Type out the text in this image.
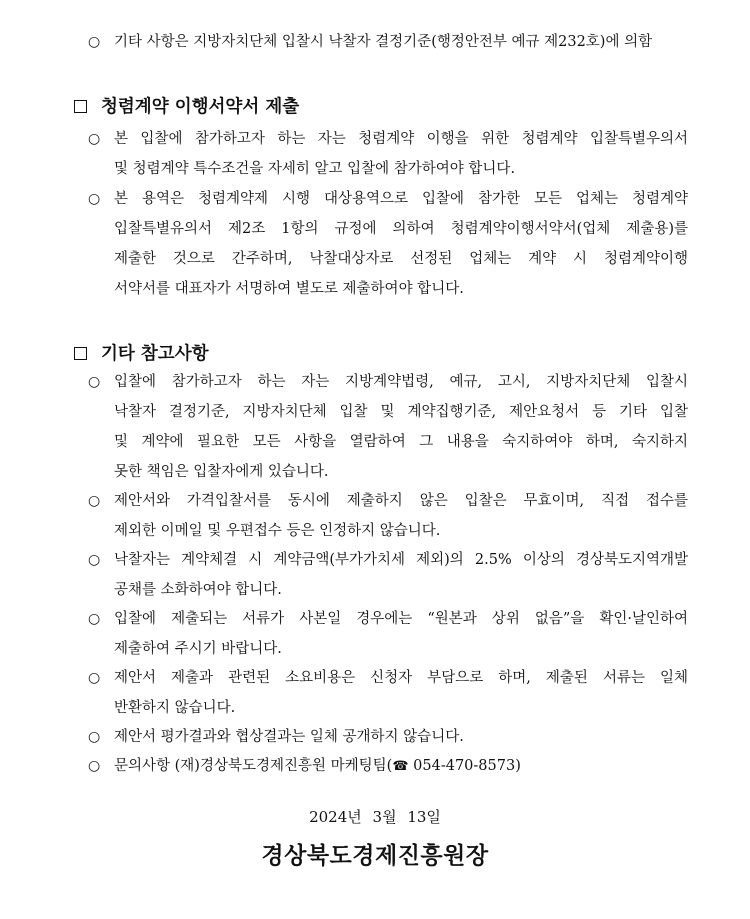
○ 기타 사항은 지방자치단체 입찰시 낙찰자 결정기준(행정안전부 예규 제232호)에 의함
청렴계약 이행서약서 제출
○ 본 입찰에 참가하고자 하는 자는 청렴계약 이행을 위한 청렴계약 입찰특별우의서
및 청렴계약 특수조건을 자세히 알고 입찰에 참가하여야 합니다.
○ 본 용역은 청렴계약제 시행 대상용역으로 입찰에 참가한 모든 업체는 청렴계약
입찰특별유의서 제2조 1항의 규정에 의하여 청렴계약이행서약서(업체 제출용)를
제출한 것으로 간주하며, 낙찰대상자로 선정된 업체는 계약 시 청렴계약이행
서약서를 대표자가 서명하여 별도로 제출하여야 합니다.
기타 참고사항
○ 입찰에 참가하고자 하는 자는 지방계약법령, 예규, 고시, 지방자치단체 입찰시
낙찰자 결정기준, 지방자치단체 입찰 및 계약집행기준, 제안요청서 등 기타 입찰
및 계약에 필요한 모든 사항을 열람하여 그 내용을 숙지하여야 하며, 숙지하지
못한 책임은 입찰자에게 있습니다.
○ 제안서와 가격입찰서를 동시에 제출하지 않은 입찰은 무효이며, 직접 접수를
제외한 이메일 및 우편접수 등은 인정하지 않습니다.
○ 낙찰자는 계약체결 시 계약금액(부가가치세 제외)의 2.5% 이상의 경상북도지역개발
공채를 소화하여야 합니다.
○ 입찰에 제출되는 서류가 사본일 경우에는 “원본과 상위 없음”을 확인·날인하여
제출하여 주시기 바랍니다.
○ 제안서 제출과 관련된 소요비용은 신청자 부담으로 하며, 제출된 서류는 일체
반환하지 않습니다.
○ 제안서 평가결과와 협상결과는 일체 공개하지 않습니다.
○ 문의사항 (재)경상북도경제진흥원 마케팅팀(☎ 054-470-8573)
2024년 3월 13일
경상북도경제진흥원장
